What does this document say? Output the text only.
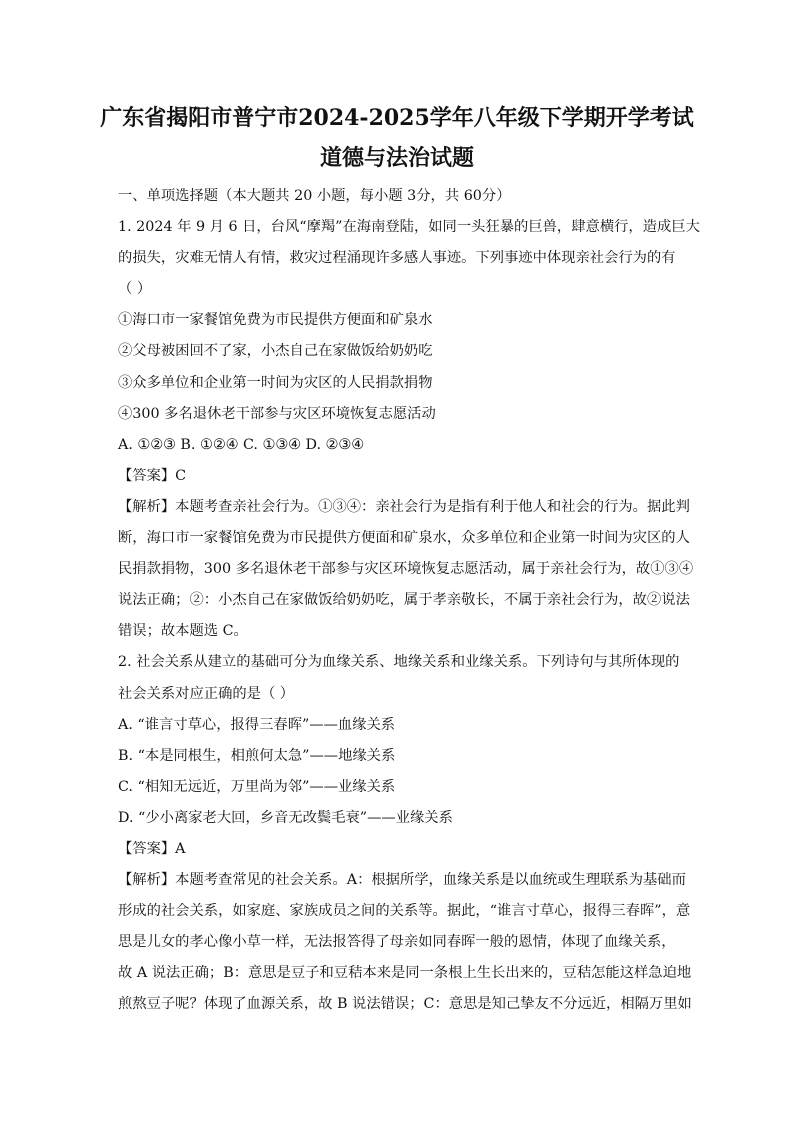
广东省揭阳市普宁市2024-2025学年八年级下学期开学考试
道德与法治试题
一、单项选择题（本大题共 20 小题，每小题 3分，共 60分）
1. 2024 年 9 月 6 日，台风“摩羯”在海南登陆，如同一头狂暴的巨兽，肆意横行，造成巨大
的损失，灾难无情人有情，救灾过程涌现许多感人事迹。下列事迹中体现亲社会行为的有
（ ）
①海口市一家餐馆免费为市民提供方便面和矿泉水
②父母被困回不了家，小杰自己在家做饭给奶奶吃
③众多单位和企业第一时间为灾区的人民捐款捐物
④300 多名退休老干部参与灾区环境恢复志愿活动
A. ①②③ B. ①②④ C. ①③④ D. ②③④
【答案】C
【解析】本题考查亲社会行为。①③④：亲社会行为是指有利于他人和社会的行为。据此判
断，海口市一家餐馆免费为市民提供方便面和矿泉水，众多单位和企业第一时间为灾区的人
民捐款捐物，300 多名退休老干部参与灾区环境恢复志愿活动，属于亲社会行为，故①③④
说法正确；②：小杰自己在家做饭给奶奶吃，属于孝亲敬长，不属于亲社会行为，故②说法
错误；故本题选 C。
2. 社会关系从建立的基础可分为血缘关系、地缘关系和业缘关系。下列诗句与其所体现的
社会关系对应正确的是（ ）
A. “谁言寸草心，报得三春晖”——血缘关系
B. “本是同根生，相煎何太急”——地缘关系
C. “相知无远近，万里尚为邻”——业缘关系
D. “少小离家老大回，乡音无改鬓毛衰”——业缘关系
【答案】A
【解析】本题考查常见的社会关系。A：根据所学，血缘关系是以血统或生理联系为基础而
形成的社会关系，如家庭、家族成员之间的关系等。据此，“谁言寸草心，报得三春晖”，意
思是儿女的孝心像小草一样，无法报答得了母亲如同春晖一般的恩情，体现了血缘关系，
故 A 说法正确；B：意思是豆子和豆秸本来是同一条根上生长出来的，豆秸怎能这样急迫地
煎熬豆子呢？体现了血源关系，故 B 说法错误；C：意思是知己挚友不分远近，相隔万里如
